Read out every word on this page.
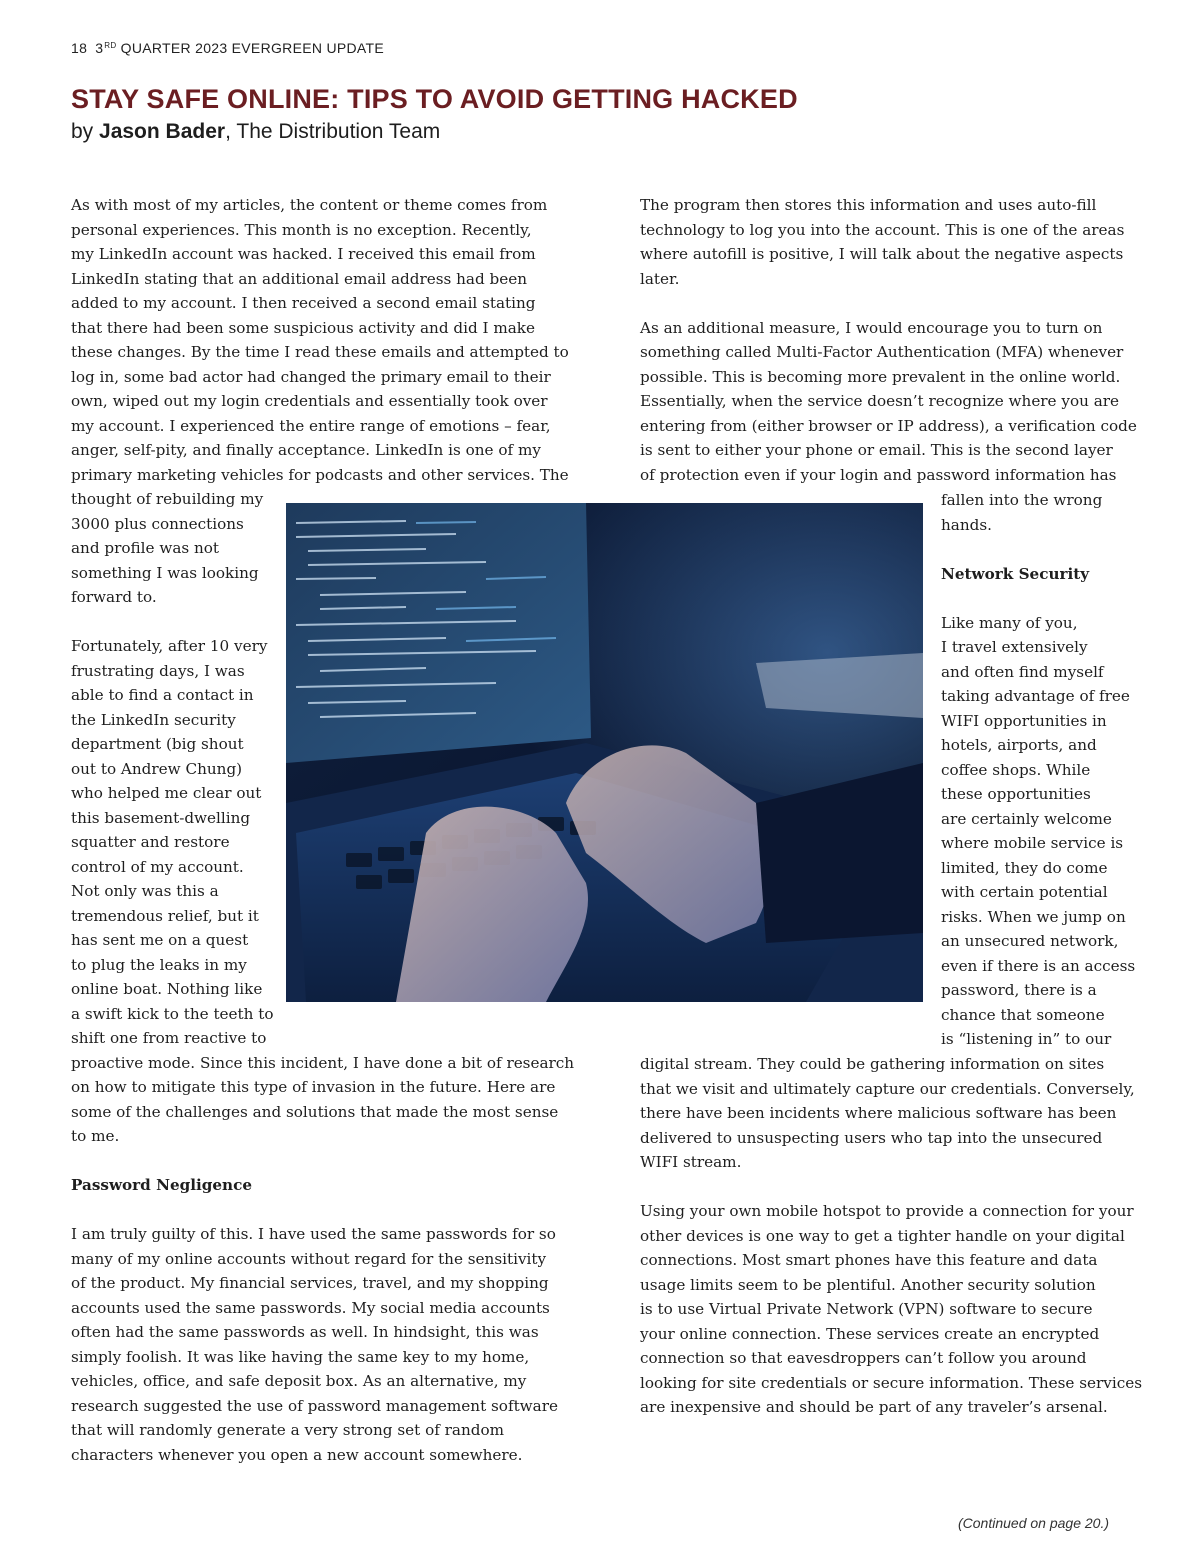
18 3RD QUARTER 2023 EVERGREEN UPDATE
STAY SAFE ONLINE: TIPS TO AVOID GETTING HACKED
by Jason Bader, The Distribution Team
As with most of my articles, the content or theme comes from
personal experiences. This month is no exception. Recently,
my LinkedIn account was hacked. I received this email from
LinkedIn stating that an additional email address had been
added to my account. I then received a second email stating
that there had been some suspicious activity and did I make
these changes. By the time I read these emails and attempted to
log in, some bad actor had changed the primary email to their
own, wiped out my login credentials and essentially took over
my account. I experienced the entire range of emotions – fear,
anger, self-pity, and finally acceptance. LinkedIn is one of my
primary marketing vehicles for podcasts and other services. The
thought of rebuilding my
3000 plus connections
and profile was not
something I was looking
forward to.
Fortunately, after 10 very
frustrating days, I was
able to find a contact in
the LinkedIn security
department (big shout
out to Andrew Chung)
who helped me clear out
this basement-dwelling
squatter and restore
control of my account.
Not only was this a
tremendous relief, but it
has sent me on a quest
to plug the leaks in my
online boat. Nothing like
a swift kick to the teeth to
shift one from reactive to
proactive mode. Since this incident, I have done a bit of research
on how to mitigate this type of invasion in the future. Here are
some of the challenges and solutions that made the most sense
to me.
Password Negligence
I am truly guilty of this. I have used the same passwords for so
many of my online accounts without regard for the sensitivity
of the product. My financial services, travel, and my shopping
accounts used the same passwords. My social media accounts
often had the same passwords as well. In hindsight, this was
simply foolish. It was like having the same key to my home,
vehicles, office, and safe deposit box. As an alternative, my
research suggested the use of password management software
that will randomly generate a very strong set of random
characters whenever you open a new account somewhere.
The program then stores this information and uses auto-fill
technology to log you into the account. This is one of the areas
where autofill is positive, I will talk about the negative aspects
later.
As an additional measure, I would encourage you to turn on
something called Multi-Factor Authentication (MFA) whenever
possible. This is becoming more prevalent in the online world.
Essentially, when the service doesn’t recognize where you are
entering from (either browser or IP address), a verification code
is sent to either your phone or email. This is the second layer
of protection even if your login and password information has
fallen into the wrong
hands.
Network Security
Like many of you,
I travel extensively
and often find myself
taking advantage of free
WIFI opportunities in
hotels, airports, and
coffee shops. While
these opportunities
are certainly welcome
where mobile service is
limited, they do come
with certain potential
risks. When we jump on
an unsecured network,
even if there is an access
password, there is a
chance that someone
is “listening in” to our
digital stream. They could be gathering information on sites
that we visit and ultimately capture our credentials. Conversely,
there have been incidents where malicious software has been
delivered to unsuspecting users who tap into the unsecured
WIFI stream.
Using your own mobile hotspot to provide a connection for your
other devices is one way to get a tighter handle on your digital
connections. Most smart phones have this feature and data
usage limits seem to be plentiful. Another security solution
is to use Virtual Private Network (VPN) software to secure
your online connection. These services create an encrypted
connection so that eavesdroppers can’t follow you around
looking for site credentials or secure information. These services
are inexpensive and should be part of any traveler’s arsenal.
(Continued on page 20.)
